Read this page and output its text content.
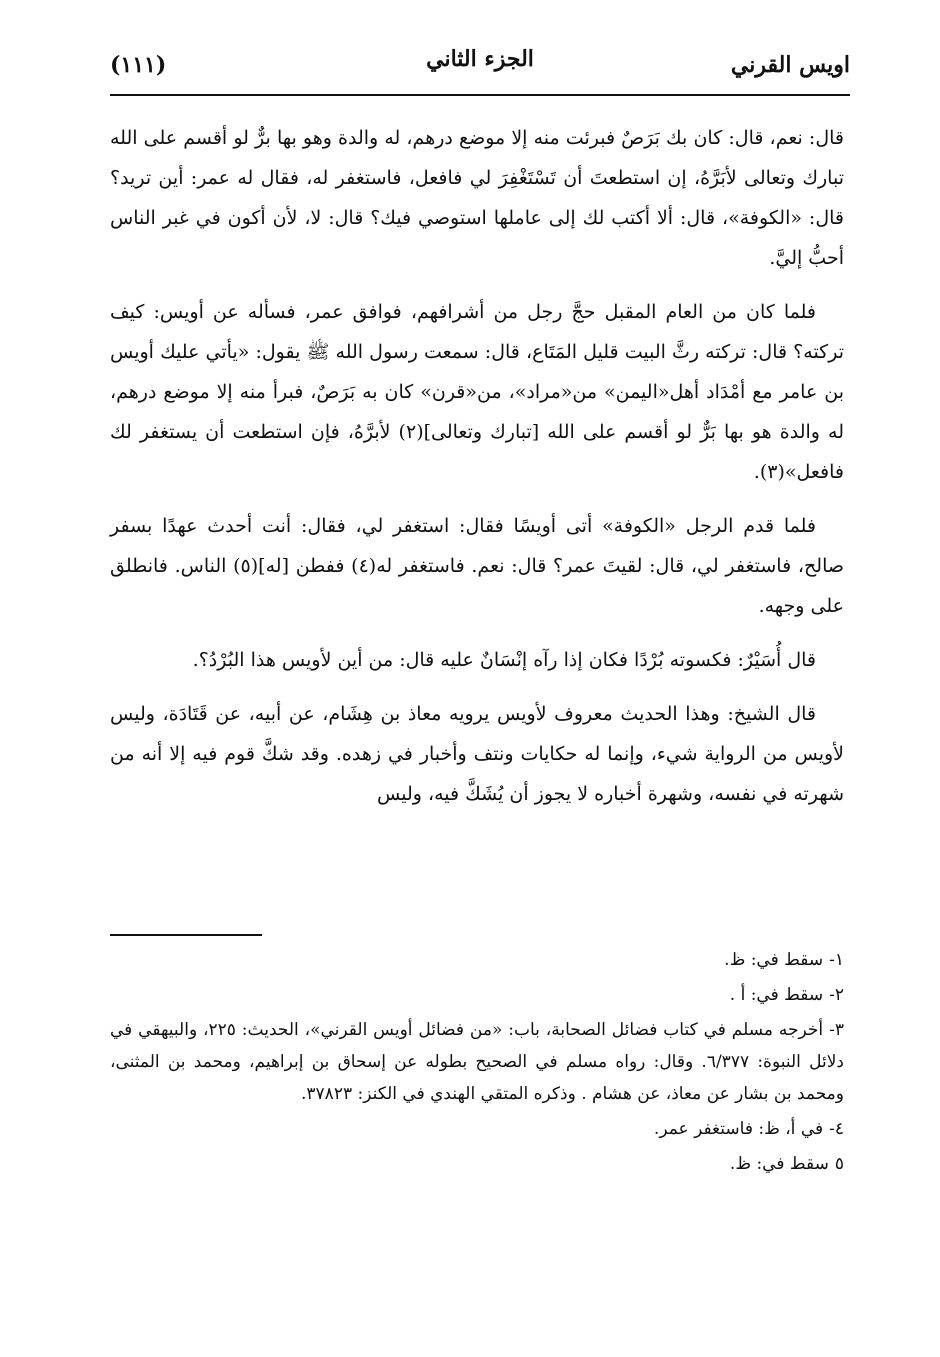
اويس القرني
الجزء الثاني
(١١١)

قال: نعم، قال: كان بك بَرَصٌ فبرئت منه إلا موضع درهم، له والدة وهو بها برٌّ لو أقسم على الله تبارك وتعالى لأبَرَّهُ، إن استطعتَ أن تَسْتَغْفِرَ لي فافعل، فاستغفر له، فقال له عمر: أين تريد؟ قال: «الكوفة»، قال: ألا أكتب لك إلى عاملها استوصي فيك؟ قال: لا، لأن أكون في غبر الناس أحبُّ إليَّ.

فلما كان من العام المقبل حجَّ رجل من أشرافهم، فوافق عمر، فسأله عن أويس: كيف تركته؟ قال: تركته رثَّ البيت قليل المَتَاع، قال: سمعت رسول الله ﷺ يقول: «يأتي عليك أويس بن عامر مع أمْدَاد أهل«اليمن» من«مراد»، من«قرن» كان به بَرَصٌ، فبرأ منه إلا موضع درهم، له والدة هو بها بَرٌّ لو أقسم على الله [تبارك وتعالى](٢) لأبرَّهُ، فإن استطعت أن يستغفر لك فافعل»(٣).

فلما قدم الرجل «الكوفة» أتى أويسًا فقال: استغفر لي، فقال: أنت أحدث عهدًا بسفر صالح، فاستغفر لي، قال: لقيتَ عمر؟ قال: نعم. فاستغفر له(٤) ففطن [له](٥) الناس. فانطلق على وجهه.

قال أُسَيْرٌ: فكسوته بُرْدًا فكان إذا رآه إنْسَانٌ عليه قال: من أين لأويس هذا البُرْدُ؟.

قال الشيخ: وهذا الحديث معروف لأويس يرويه معاذ بن هِشَام، عن أبيه، عن قَتَادَة، وليس لأويس من الرواية شيء، وإنما له حكايات ونتف وأخبار في زهده. وقد شكَّ قوم فيه إلا أنه من شهرته في نفسه، وشهرة أخباره لا يجوز أن يُشَكَّ فيه، وليس

١-سقط في: ظ.
٢-سقط في: أ .
٣-أخرجه مسلم في كتاب فضائل الصحابة، باب: «من فضائل أويس القرني»، الحديث: ٢٢٥، والبيهقي في دلائل النبوة: ٦/٣٧٧. وقال: رواه مسلم في الصحيح بطوله عن إسحاق بن إبراهيم، ومحمد بن المثنى، ومحمد بن بشار عن معاذ، عن هشام . وذكره المتقي الهندي في الكنز: ٣٧٨٢٣.
٤-في أ، ظ: فاستغفر عمر.
٥سقط في: ظ.
